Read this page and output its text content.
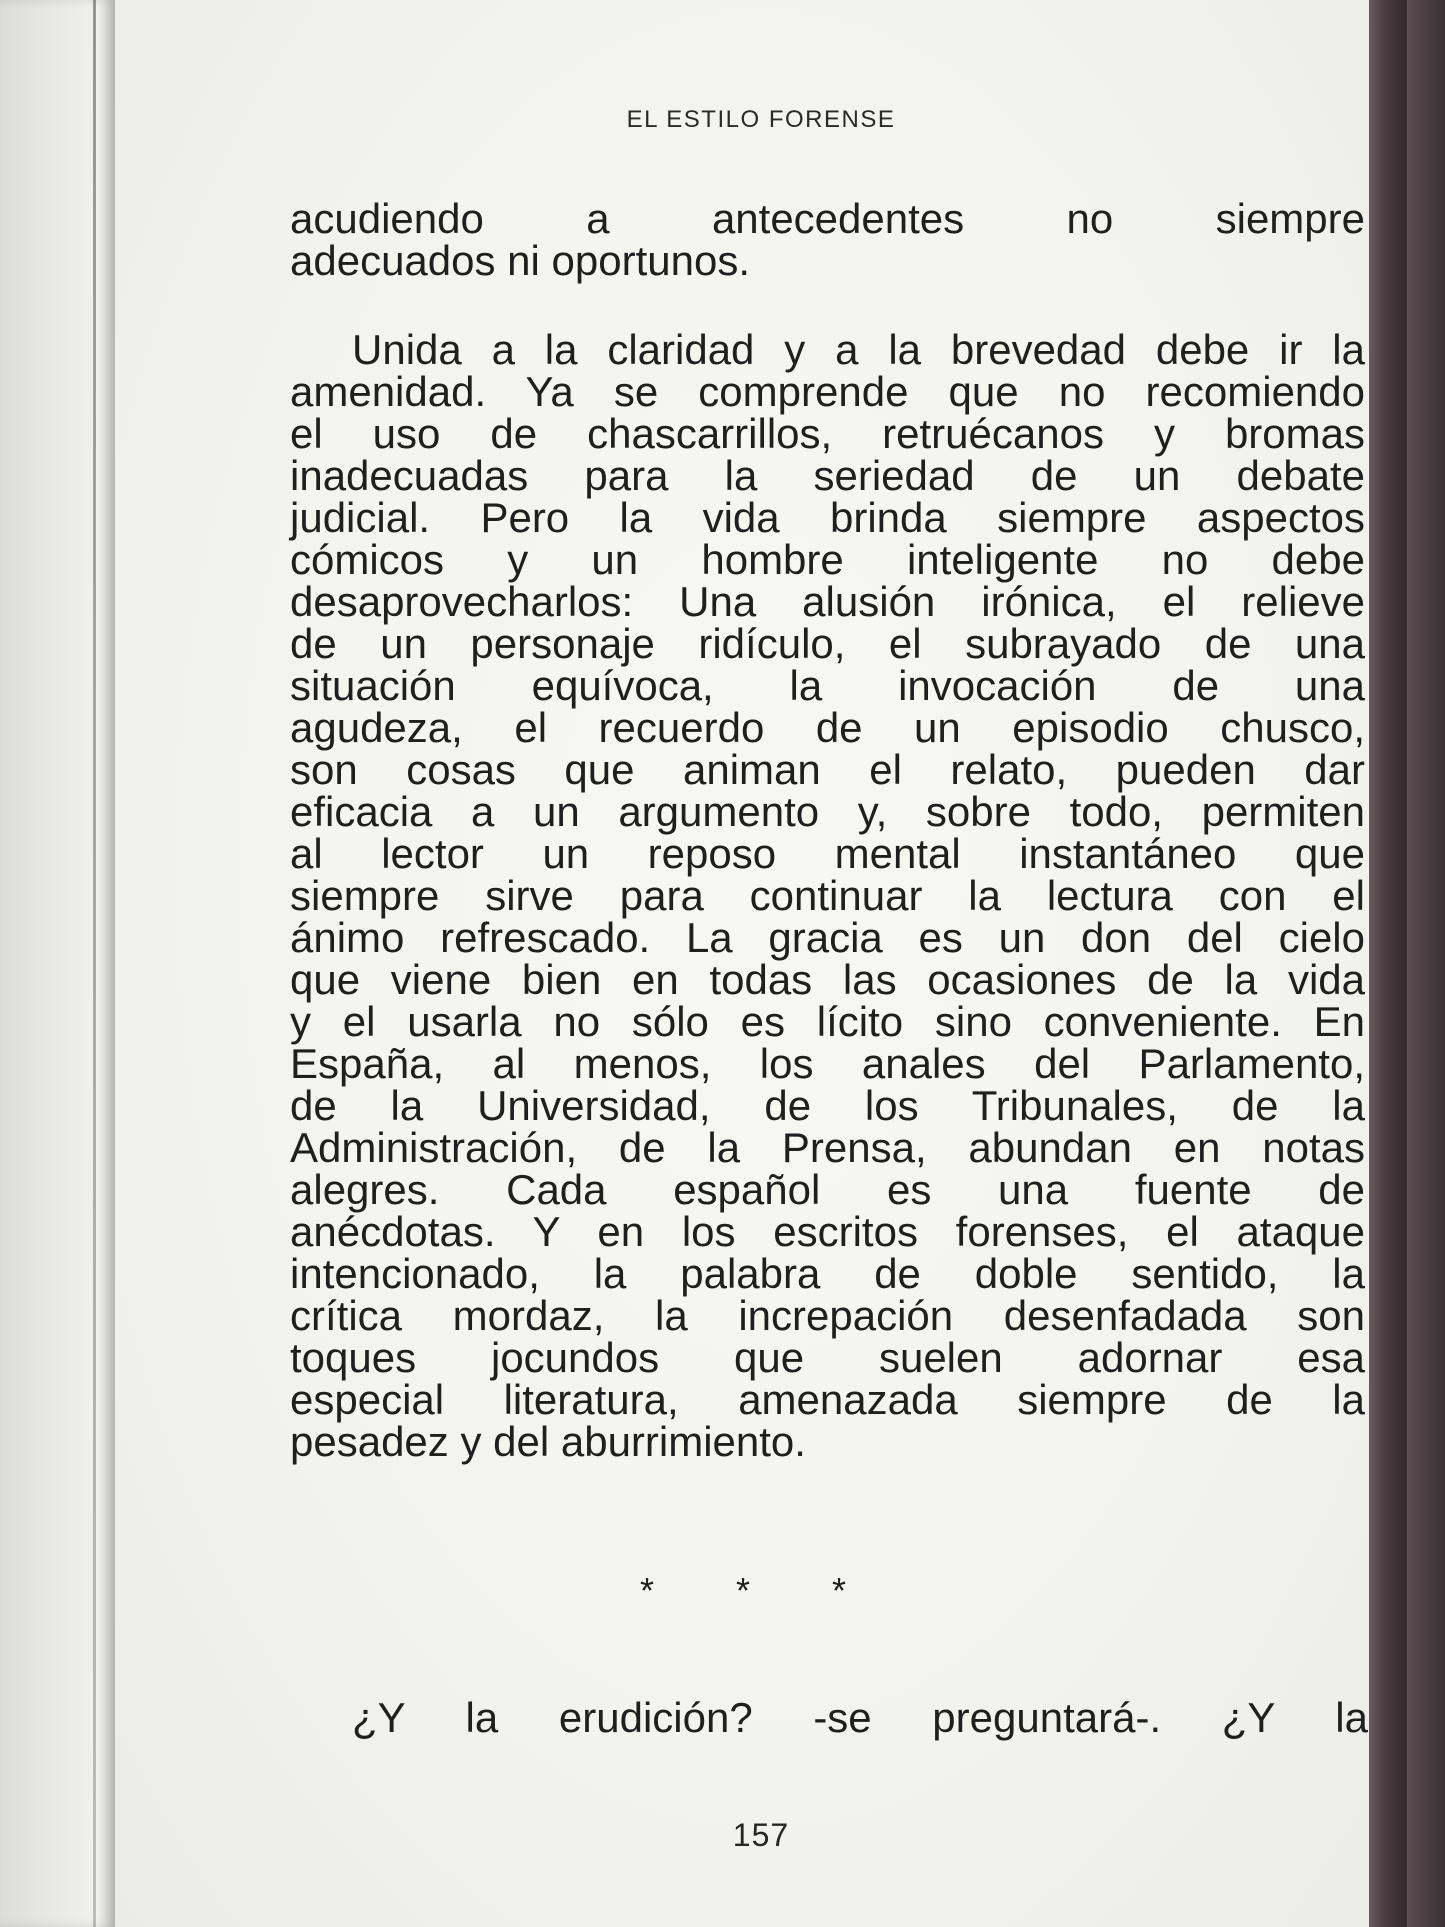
EL ESTILO FORENSE
acudiendo a antecedentes no siempre
adecuados ni oportunos.
Unida a la claridad y a la brevedad debe ir la
amenidad. Ya se comprende que no recomiendo
el uso de chascarrillos, retruécanos y bromas
inadecuadas para la seriedad de un debate
judicial. Pero la vida brinda siempre aspectos
cómicos y un hombre inteligente no debe
desaprovecharlos: Una alusión irónica, el relieve
de un personaje ridículo, el subrayado de una
situación equívoca, la invocación de una
agudeza, el recuerdo de un episodio chusco,
son cosas que animan el relato, pueden dar
eficacia a un argumento y, sobre todo, permiten
al lector un reposo mental instantáneo que
siempre sirve para continuar la lectura con el
ánimo refrescado. La gracia es un don del cielo
que viene bien en todas las ocasiones de la vida
y el usarla no sólo es lícito sino conveniente. En
España, al menos, los anales del Parlamento,
de la Universidad, de los Tribunales, de la
Administración, de la Prensa, abundan en notas
alegres. Cada español es una fuente de
anécdotas. Y en los escritos forenses, el ataque
intencionado, la palabra de doble sentido, la
crítica mordaz, la increpación desenfadada son
toques jocundos que suelen adornar esa
especial literatura, amenazada siempre de la
pesadez y del aburrimiento.
* * *
¿Y la erudición? -se preguntará-. ¿Y la
157
